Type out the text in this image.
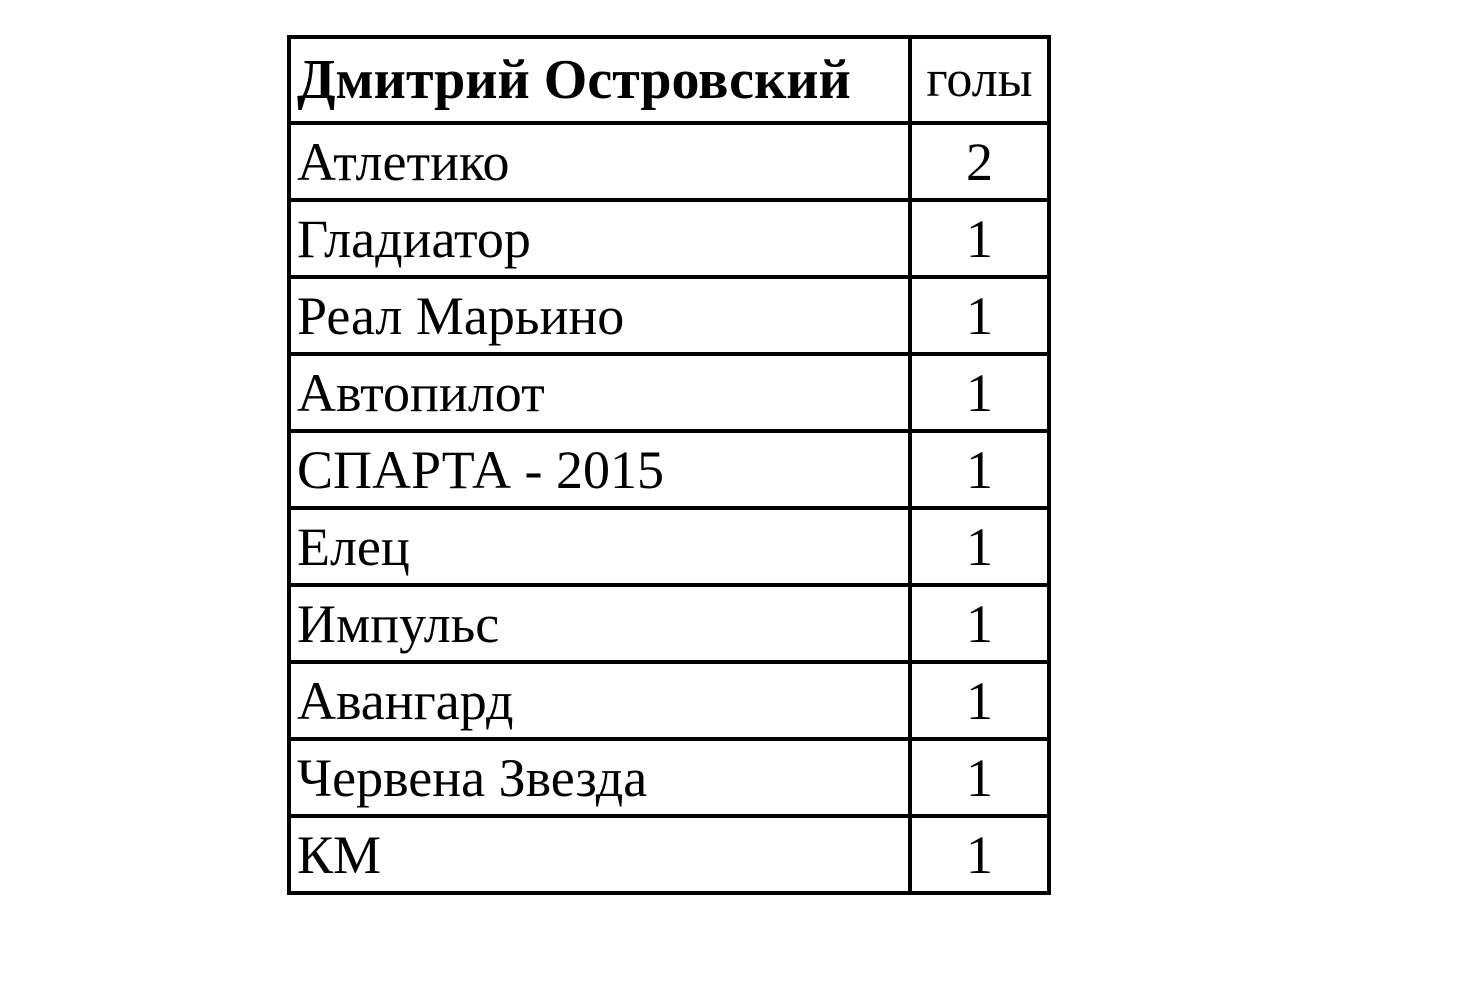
Дмитрий Островский	голы
Атлетико	2
Гладиатор	1
Реал Марьино	1
Автопилот	1
СПАРТА - 2015	1
Елец	1
Импульс	1
Авангард	1
Червена Звезда	1
КМ	1
